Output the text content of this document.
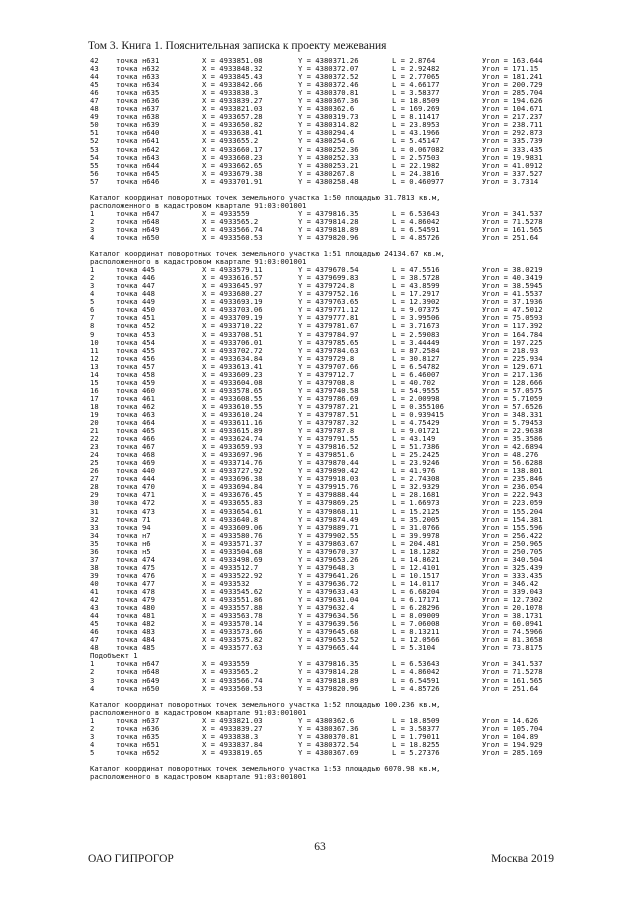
Том 3. Книга 1. Пояснительная записка к проекту межевания
42	точка н631	X = 4933851.08	Y = 4380371.26	L = 2.8764	Угол = 163.644
43	точка н632	X = 4933848.32	Y = 4380372.07	L = 2.92482	Угол = 171.15
44	точка н633	X = 4933845.43	Y = 4380372.52	L = 2.77065	Угол = 181.241
45	точка н634	X = 4933842.66	Y = 4380372.46	L = 4.66177	Угол = 200.729
46	точка н635	X = 4933838.3	Y = 4380370.81	L = 3.58377	Угол = 285.704
47	точка н636	X = 4933839.27	Y = 4380367.36	L = 18.8509	Угол = 194.626
48	точка н637	X = 4933821.03	Y = 4380362.6	L = 169.269	Угол = 104.671
49	точка н638	X = 4933657.28	Y = 4380319.73	L = 8.11417	Угол = 217.237
50	точка н639	X = 4933650.82	Y = 4380314.82	L = 23.8953	Угол = 238.711
51	точка н640	X = 4933638.41	Y = 4380294.4	L = 43.1966	Угол = 292.873
52	точка н641	X = 4933655.2	Y = 4380254.6	L = 5.45147	Угол = 335.739
53	точка н642	X = 4933660.17	Y = 4380252.36	L = 0.067082	Угол = 333.435
54	точка н643	X = 4933660.23	Y = 4380252.33	L = 2.57503	Угол = 19.9831
55	точка н644	X = 4933662.65	Y = 4380253.21	L = 22.1982	Угол = 41.0912
56	точка н645	X = 4933679.38	Y = 4380267.8	L = 24.3816	Угол = 337.527
57	точка н646	X = 4933701.91	Y = 4380258.48	L = 0.460977	Угол = 3.7314
Каталог координат поворотных точек земельного участка 1:50 площадью 31.7813 кв.м,
расположенного в кадастровом квартале 91:03:001001
1	точка н647	X = 4933559	Y = 4379816.35	L = 6.53643	Угол = 341.537
2	точка н648	X = 4933565.2	Y = 4379814.28	L = 4.86042	Угол = 71.5278
3	точка н649	X = 4933566.74	Y = 4379818.89	L = 6.54591	Угол = 161.565
4	точка н650	X = 4933560.53	Y = 4379820.96	L = 4.85726	Угол = 251.64
Каталог координат поворотных точек земельного участка 1:51 площадью 24134.67 кв.м,
расположенного в кадастровом квартале 91:03:001001
1	точка 445	X = 4933579.11	Y = 4379670.54	L = 47.5516	Угол = 38.0219
2	точка 446	X = 4933616.57	Y = 4379699.83	L = 38.5728	Угол = 40.3419
3	точка 447	X = 4933645.97	Y = 4379724.8	L = 43.8599	Угол = 38.5945
4	точка 448	X = 4933680.27	Y = 4379752.16	L = 17.2917	Угол = 41.5537
5	точка 449	X = 4933693.19	Y = 4379763.65	L = 12.3902	Угол = 37.1936
6	точка 450	X = 4933703.06	Y = 4379771.12	L = 9.07375	Угол = 47.5012
7	точка 451	X = 4933709.19	Y = 4379777.81	L = 3.99506	Угол = 75.0593
8	точка 452	X = 4933710.22	Y = 4379781.67	L = 3.71673	Угол = 117.392
9	точка 453	X = 4933708.51	Y = 4379784.97	L = 2.59083	Угол = 164.784
10	точка 454	X = 4933706.01	Y = 4379785.65	L = 3.44449	Угол = 197.225
11	точка 455	X = 4933702.72	Y = 4379784.63	L = 87.2584	Угол = 218.93
12	точка 456	X = 4933634.84	Y = 4379729.8	L = 30.8127	Угол = 225.934
13	точка 457	X = 4933613.41	Y = 4379707.66	L = 6.54782	Угол = 129.671
14	точка 458	X = 4933609.23	Y = 4379712.7	L = 6.46007	Угол = 217.136
15	точка 459	X = 4933604.08	Y = 4379708.8	L = 40.702	Угол = 128.666
16	точка 460	X = 4933578.65	Y = 4379740.58	L = 54.9555	Угол = 57.0575
17	точка 461	X = 4933608.55	Y = 4379786.69	L = 2.00998	Угол = 5.71059
18	точка 462	X = 4933610.55	Y = 4379787.21	L = 0.355106	Угол = 57.6526
19	точка 463	X = 4933610.24	Y = 4379787.51	L = 0.939415	Угол = 348.331
20	точка 464	X = 4933611.16	Y = 4379787.32	L = 4.75429	Угол = 5.79453
21	точка 465	X = 4933615.89	Y = 4379787.8	L = 9.01721	Угол = 22.9638
22	точка 466	X = 4933624.74	Y = 4379791.55	L = 43.149	Угол = 35.3586
23	точка 467	X = 4933659.93	Y = 4379816.52	L = 51.7386	Угол = 42.6894
24	точка 468	X = 4933697.96	Y = 4379851.6	L = 25.2425	Угол = 48.276
25	точка 469	X = 4933714.76	Y = 4379870.44	L = 23.9246	Угол = 56.6288
26	точка 440	X = 4933727.92	Y = 4379890.42	L = 41.976	Угол = 138.801
27	точка 444	X = 4933696.38	Y = 4379918.03	L = 2.74308	Угол = 235.846
28	точка 470	X = 4933694.84	Y = 4379915.76	L = 32.9329	Угол = 236.054
29	точка 471	X = 4933676.45	Y = 4379888.44	L = 28.1681	Угол = 222.943
30	точка 472	X = 4933655.83	Y = 4379869.25	L = 1.66973	Угол = 223.059
31	точка 473	X = 4933654.61	Y = 4379868.11	L = 15.2125	Угол = 155.204
32	точка 71	X = 4933640.8	Y = 4379874.49	L = 35.2005	Угол = 154.381
33	точка 94	X = 4933609.06	Y = 4379889.71	L = 31.0766	Угол = 155.596
34	точка н7	X = 4933580.76	Y = 4379902.55	L = 39.9978	Угол = 256.422
35	точка н6	X = 4933571.37	Y = 4379863.67	L = 204.481	Угол = 250.965
36	точка н5	X = 4933504.68	Y = 4379670.37	L = 18.1282	Угол = 250.705
37	точка 474	X = 4933498.69	Y = 4379653.26	L = 14.8621	Угол = 340.504
38	точка 475	X = 4933512.7	Y = 4379648.3	L = 12.4101	Угол = 325.439
39	точка 476	X = 4933522.92	Y = 4379641.26	L = 10.1517	Угол = 333.435
40	точка 477	X = 4933532	Y = 4379636.72	L = 14.0117	Угол = 346.42
41	точка 478	X = 4933545.62	Y = 4379633.43	L = 6.68204	Угол = 339.043
42	точка 479	X = 4933551.86	Y = 4379631.04	L = 6.17171	Угол = 12.7302
43	точка 480	X = 4933557.88	Y = 4379632.4	L = 6.28296	Угол = 20.1078
44	точка 481	X = 4933563.78	Y = 4379634.56	L = 8.09009	Угол = 38.1731
45	точка 482	X = 4933570.14	Y = 4379639.56	L = 7.06008	Угол = 60.0941
46	точка 483	X = 4933573.66	Y = 4379645.68	L = 8.13211	Угол = 74.5966
47	точка 484	X = 4933575.82	Y = 4379653.52	L = 12.0566	Угол = 81.3658
48	точка 485	X = 4933577.63	Y = 4379665.44	L = 5.3104	Угол = 73.8175
Подобъект 1
1	точка н647	X = 4933559	Y = 4379816.35	L = 6.53643	Угол = 341.537
2	точка н648	X = 4933565.2	Y = 4379814.28	L = 4.86042	Угол = 71.5278
3	точка н649	X = 4933566.74	Y = 4379818.89	L = 6.54591	Угол = 161.565
4	точка н650	X = 4933560.53	Y = 4379820.96	L = 4.85726	Угол = 251.64
Каталог координат поворотных точек земельного участка 1:52 площадью 100.236 кв.м,
расположенного в кадастровом квартале 91:03:001001
1	точка н637	X = 4933821.03	Y = 4380362.6	L = 18.8509	Угол = 14.626
2	точка н636	X = 4933839.27	Y = 4380367.36	L = 3.58377	Угол = 105.704
3	точка н635	X = 4933838.3	Y = 4380370.81	L = 1.79011	Угол = 104.89
4	точка н651	X = 4933837.84	Y = 4380372.54	L = 18.8255	Угол = 194.929
5	точка н652	X = 4933819.65	Y = 4380367.69	L = 5.27376	Угол = 285.169
Каталог координат поворотных точек земельного участка 1:53 площадью 6070.98 кв.м,
расположенного в кадастровом квартале 91:03:001001
63
ОАО ГИПРОГОР	Москва 2019
